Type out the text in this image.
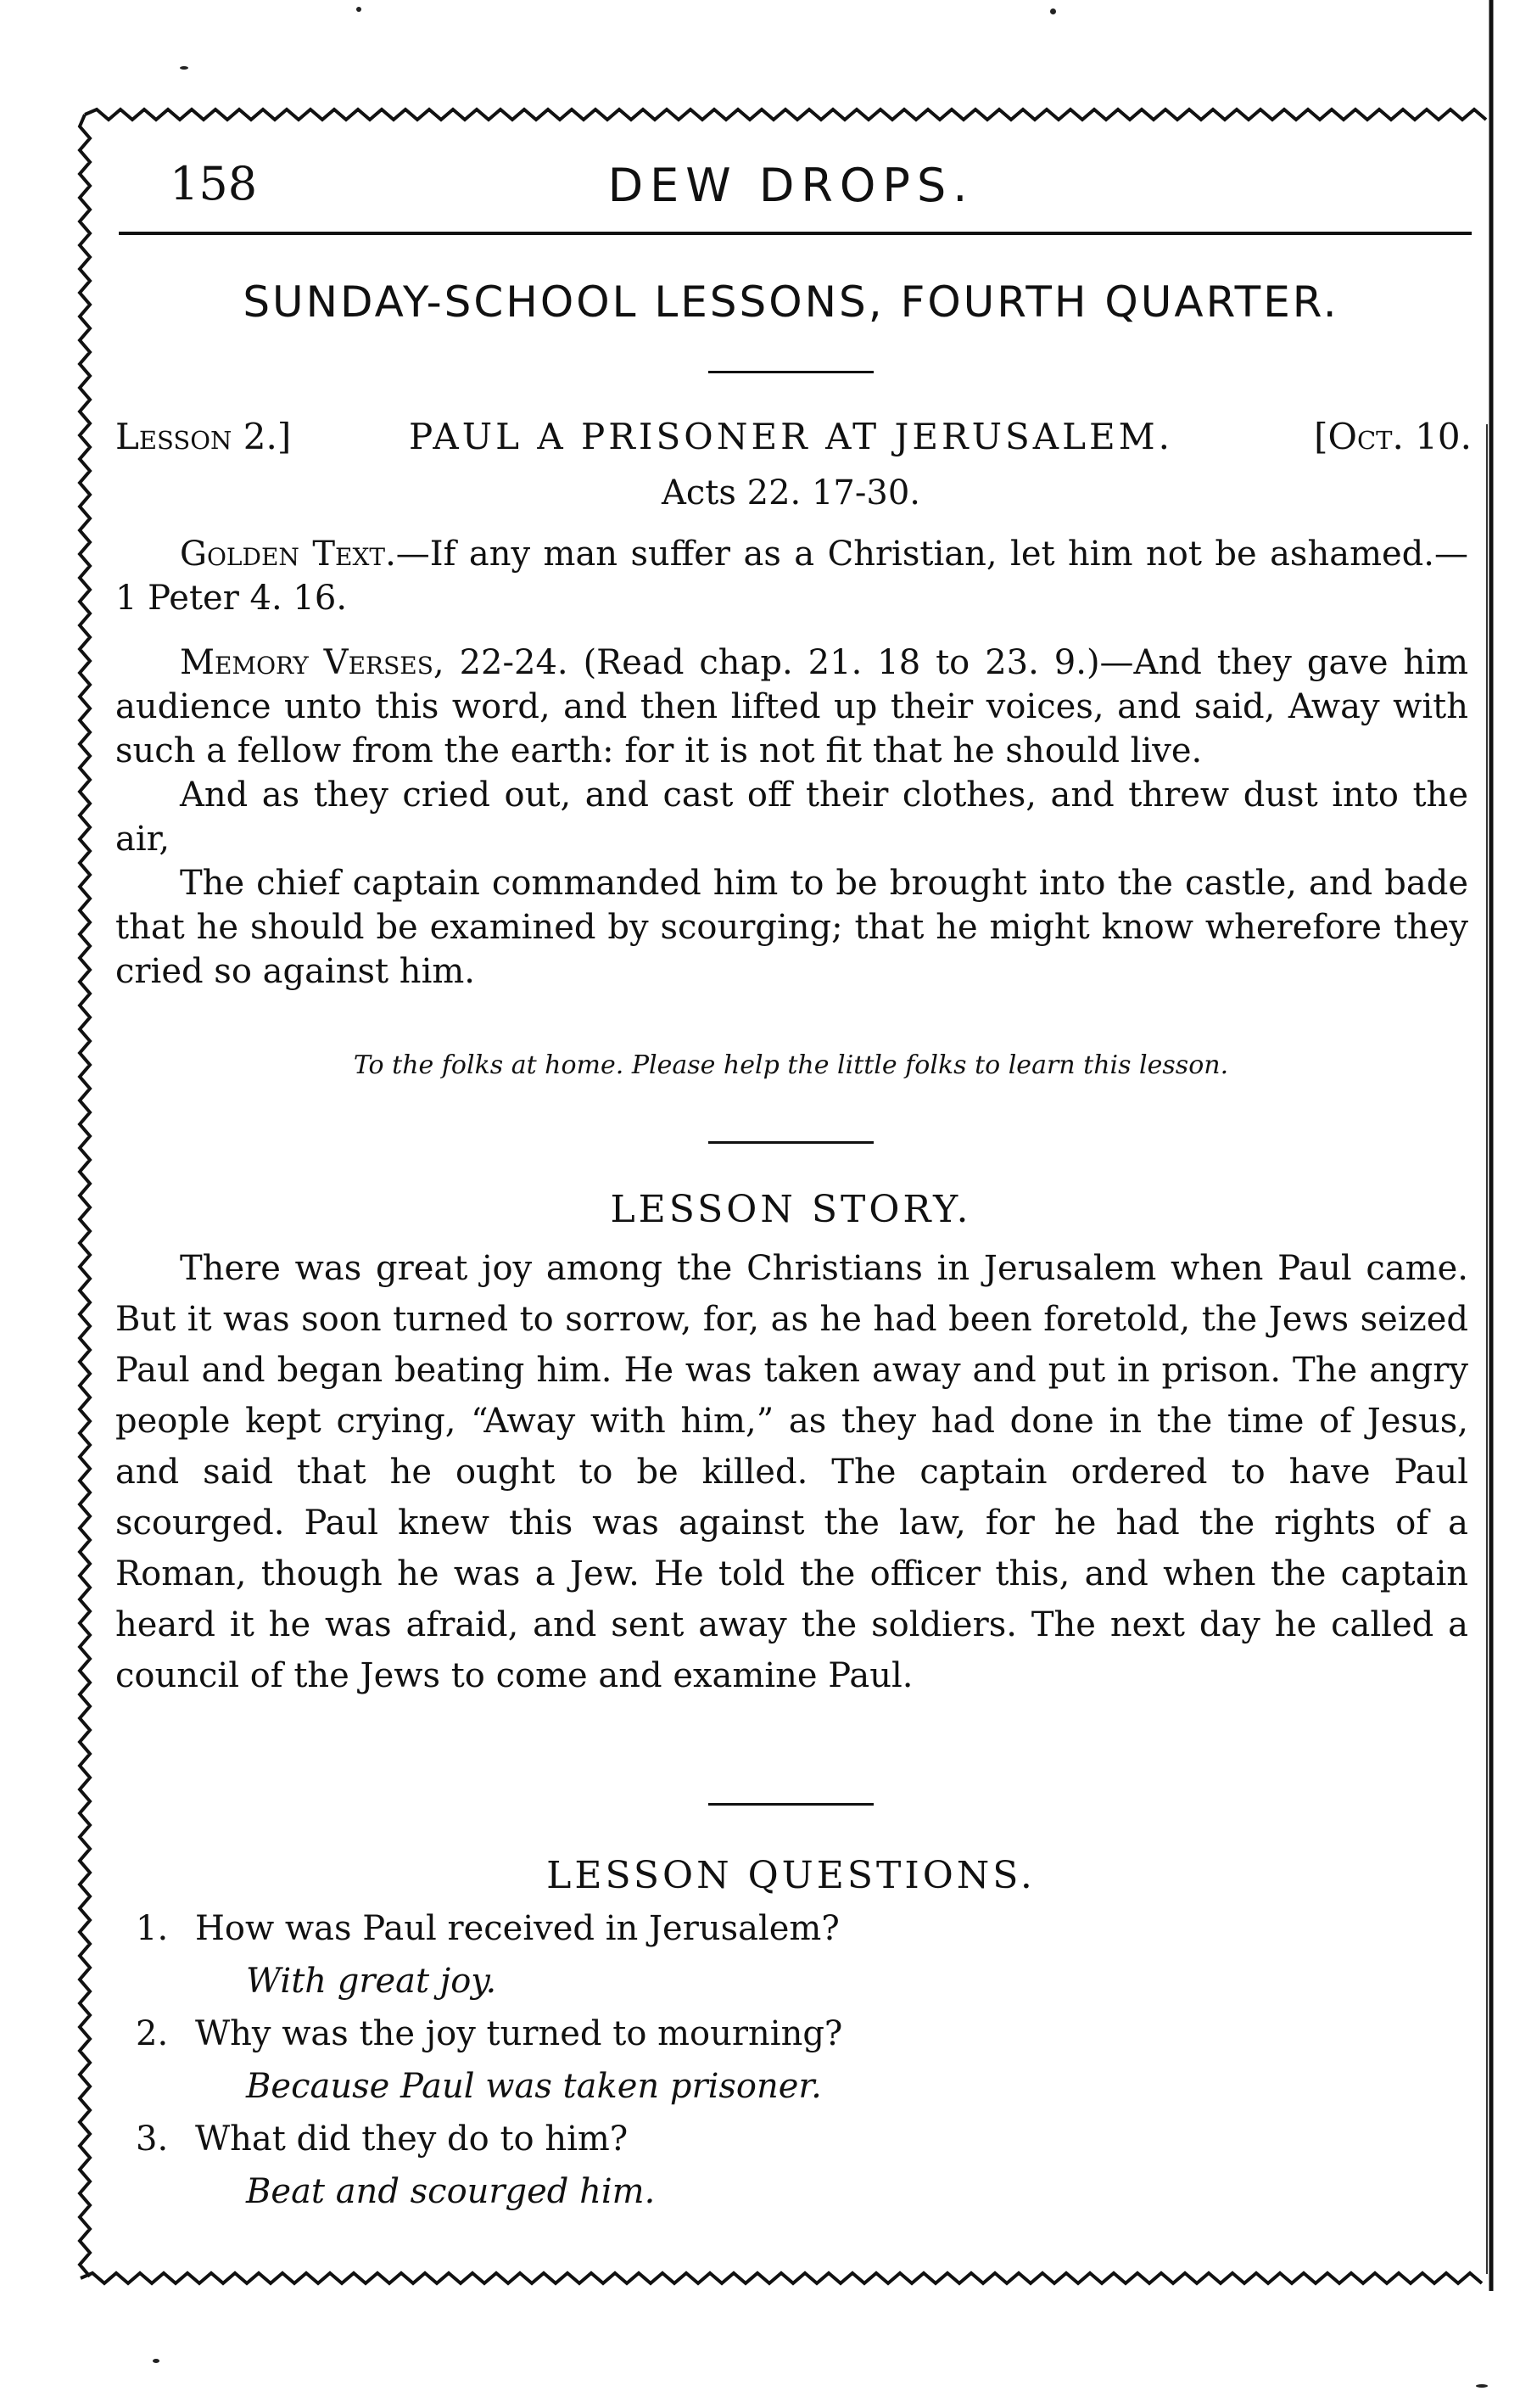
158	DEW DROPS.
SUNDAY-SCHOOL LESSONS, FOURTH QUARTER.
Lesson 2.]	PAUL A PRISONER AT JERUSALEM.	[Oct. 10.
Acts 22. 17-30.

Golden Text.—If any man suffer as a Christian, let him not be ashamed.— 1 Peter 4. 16.

Memory Verses, 22-24. (Read chap. 21. 18 to 23. 9.)—And they gave him audience unto this word, and then lifted up their voices, and said, Away with such a fellow from the earth: for it is not fit that he should live.
And as they cried out, and cast off their clothes, and threw dust into the air,
The chief captain commanded him to be brought into the castle, and bade that he should be examined by scourging; that he might know wherefore they cried so against him.

To the folks at home. Please help the little folks to learn this lesson.
LESSON STORY.

There was great joy among the Christians in Jerusalem when Paul came. But it was soon turned to sorrow, for, as he had been foretold, the Jews seized Paul and began beating him. He was taken away and put in prison. The angry people kept crying, “Away with him,” as they had done in the time of Jesus, and said that he ought to be killed. The captain ordered to have Paul scourged. Paul knew this was against the law, for he had the rights of a Roman, though he was a Jew. He told the officer this, and when the captain heard it he was afraid, and sent away the soldiers. The next day he called a council of the Jews to come and examine Paul.

LESSON QUESTIONS.
1. How was Paul received in Jerusalem?
With great joy.
2. Why was the joy turned to mourning?
Because Paul was taken prisoner.
3. What did they do to him?
Beat and scourged him.
